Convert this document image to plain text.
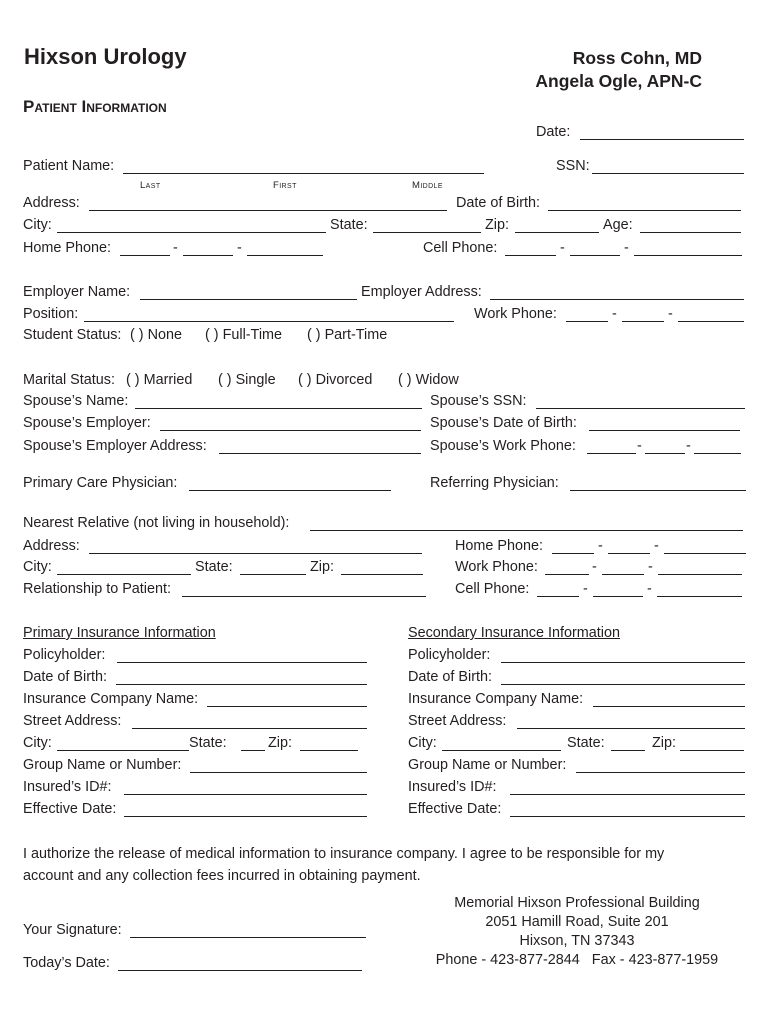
Hixson Urology	Ross Cohn, MD
Angela Ogle, APN-C
Patient Information
Date:
Patient Name:	SSN:
Last	First	Middle
Address:	Date of Birth:
City:	State:	Zip:	Age:
Home Phone:	-	-	Cell Phone:	-	-
Employer Name:	Employer Address:
Position:	Work Phone:	-	-
Student Status: ( ) None ( ) Full-Time ( ) Part-Time
Marital Status: ( ) Married ( ) Single ( ) Divorced ( ) Widow
Spouse’s Name:	Spouse’s SSN:
Spouse’s Employer:	Spouse’s Date of Birth:
Spouse’s Employer Address:	Spouse’s Work Phone:	-	-
Primary Care Physician:	Referring Physician:
Nearest Relative (not living in household):
Address:	Home Phone:	-	-
City:	State:	Zip:	Work Phone:	-	-
Relationship to Patient:	Cell Phone:	-	-
Primary Insurance Information
Policyholder:
Date of Birth:
Insurance Company Name:
Street Address:
City:	State:	Zip:
Group Name or Number:
Insured’s ID#:
Effective Date:
Secondary Insurance Information
Policyholder:
Date of Birth:
Insurance Company Name:
Street Address:
City:	State:	Zip:
Group Name or Number:
Insured’s ID#:
Effective Date:
I authorize the release of medical information to insurance company. I agree to be responsible for my
account and any collection fees incurred in obtaining payment.
Your Signature:
Today’s Date:
Memorial Hixson Professional Building
2051 Hamill Road, Suite 201
Hixson, TN 37343
Phone - 423-877-2844   Fax - 423-877-1959
